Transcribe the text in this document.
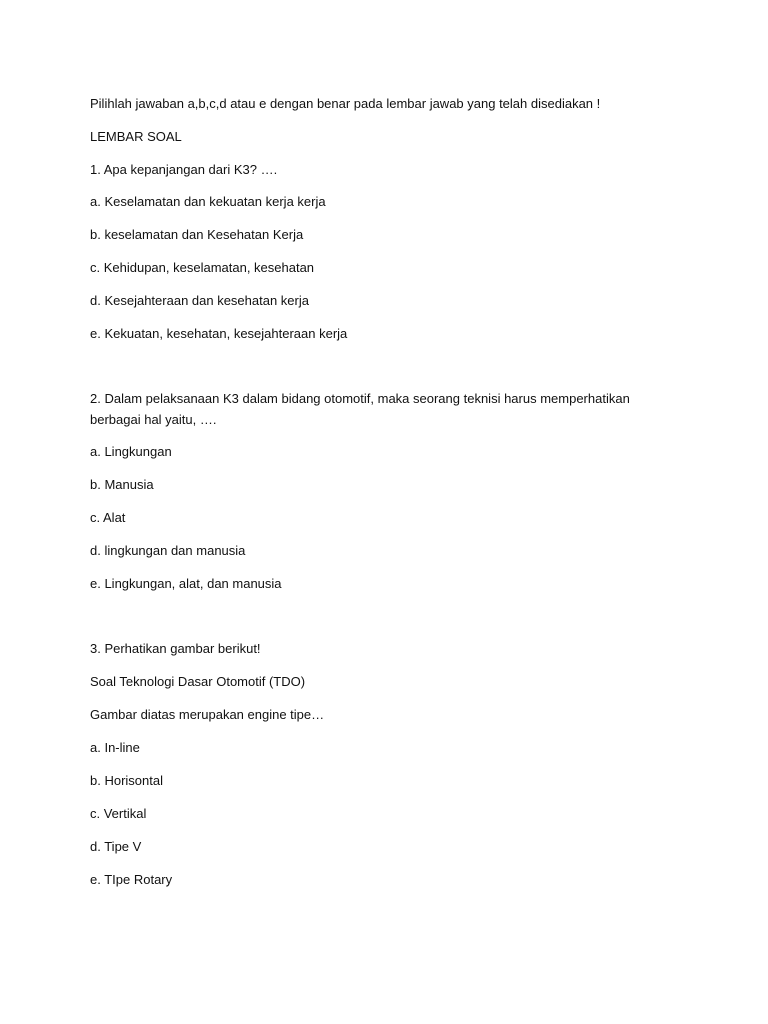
Pilihlah jawaban a,b,c,d atau e dengan benar pada lembar jawab yang telah disediakan !

LEMBAR SOAL

1. Apa kepanjangan dari K3? ….

a. Keselamatan dan kekuatan kerja kerja

b. keselamatan dan Kesehatan Kerja

c. Kehidupan, keselamatan, kesehatan

d. Kesejahteraan dan kesehatan kerja

e. Kekuatan, kesehatan, kesejahteraan kerja

2. Dalam pelaksanaan K3 dalam bidang otomotif, maka seorang teknisi harus memperhatikan berbagai hal yaitu, ….

a. Lingkungan

b. Manusia

c. Alat

d. lingkungan dan manusia

e. Lingkungan, alat, dan manusia

3. Perhatikan gambar berikut!

Soal Teknologi Dasar Otomotif (TDO)

Gambar diatas merupakan engine tipe…

a. In-line

b. Horisontal

c. Vertikal

d. Tipe V

e. TIpe Rotary
